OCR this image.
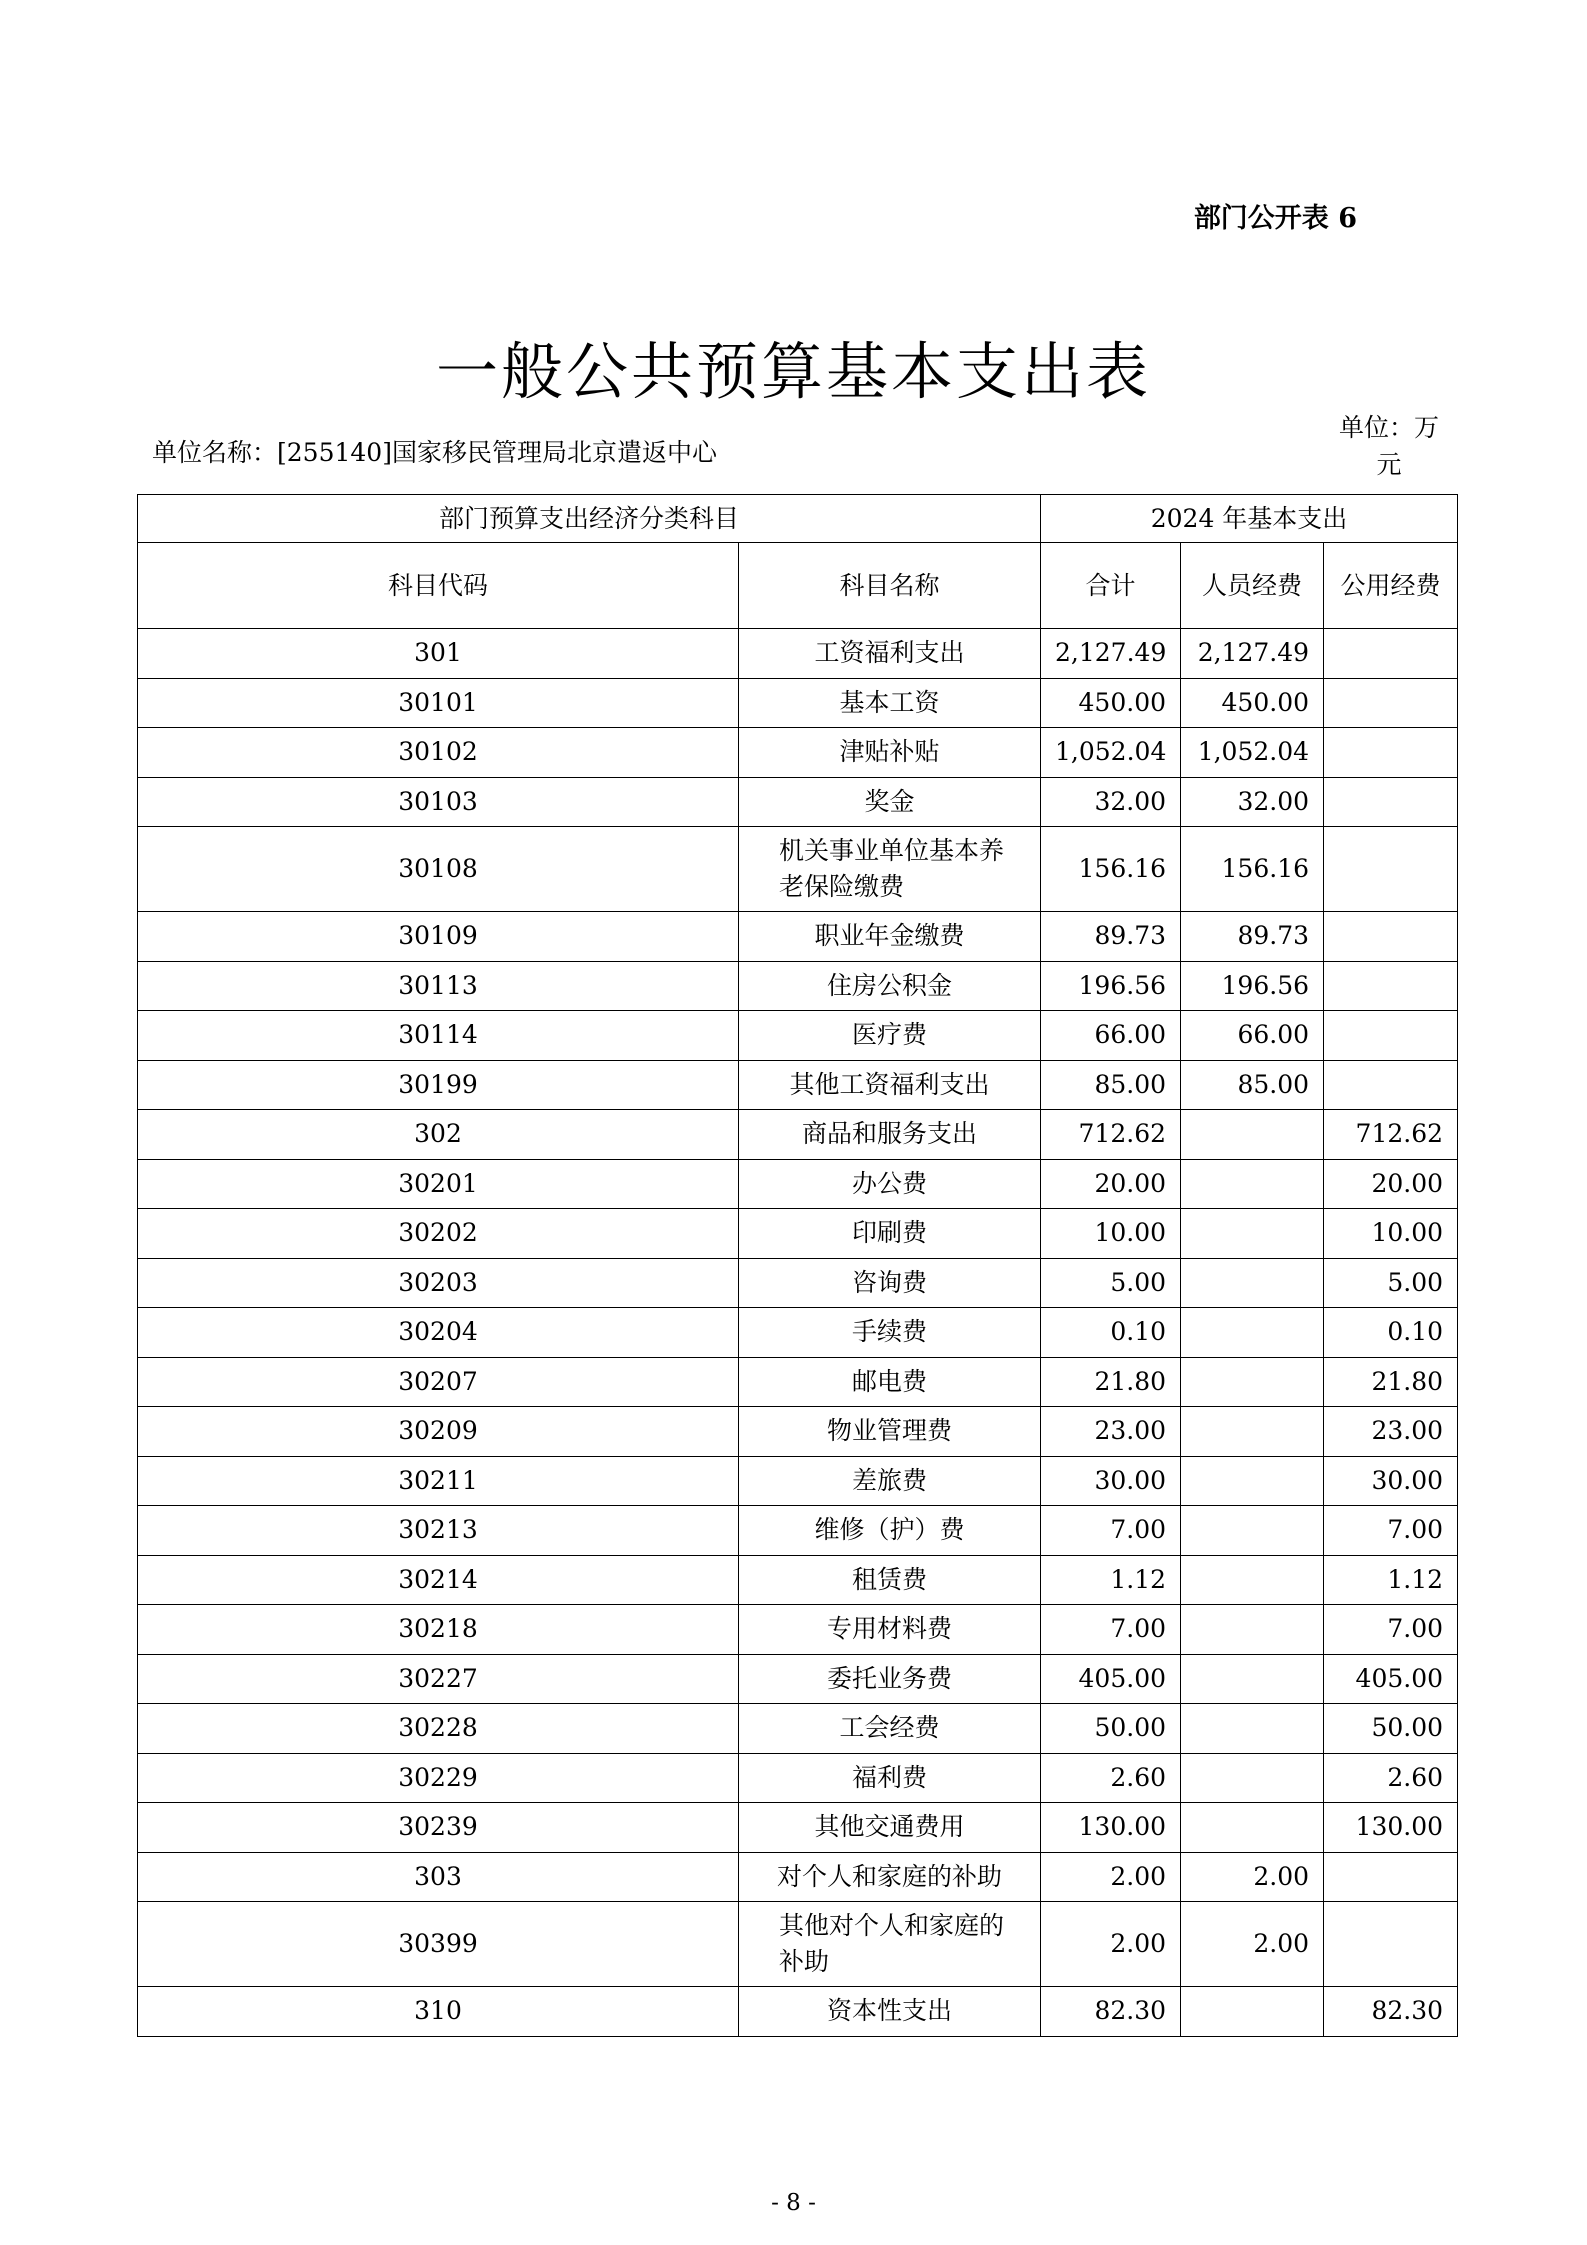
部门公开表 6
一般公共预算基本支出表
单位名称：[255140]国家移民管理局北京遣返中心
单位：万元
部门预算支出经济分类科目		2024 年基本支出		
科目代码	科目名称	合计	人员经费	公用经费
301	工资福利支出	2,127.49	2,127.49	
30101	基本工资	450.00	450.00	
30102	津贴补贴	1,052.04	1,052.04	
30103	奖金	32.00	32.00	
30108	机关事业单位基本养老保险缴费	156.16	156.16	
30109	职业年金缴费	89.73	89.73	
30113	住房公积金	196.56	196.56	
30114	医疗费	66.00	66.00	
30199	其他工资福利支出	85.00	85.00	
302	商品和服务支出	712.62		712.62
30201	办公费	20.00		20.00
30202	印刷费	10.00		10.00
30203	咨询费	5.00		5.00
30204	手续费	0.10		0.10
30207	邮电费	21.80		21.80
30209	物业管理费	23.00		23.00
30211	差旅费	30.00		30.00
30213	维修（护）费	7.00		7.00
30214	租赁费	1.12		1.12
30218	专用材料费	7.00		7.00
30227	委托业务费	405.00		405.00
30228	工会经费	50.00		50.00
30229	福利费	2.60		2.60
30239	其他交通费用	130.00		130.00
303	对个人和家庭的补助	2.00	2.00	
30399	其他对个人和家庭的补助	2.00	2.00	
310	资本性支出	82.30		82.30
- 8 -
